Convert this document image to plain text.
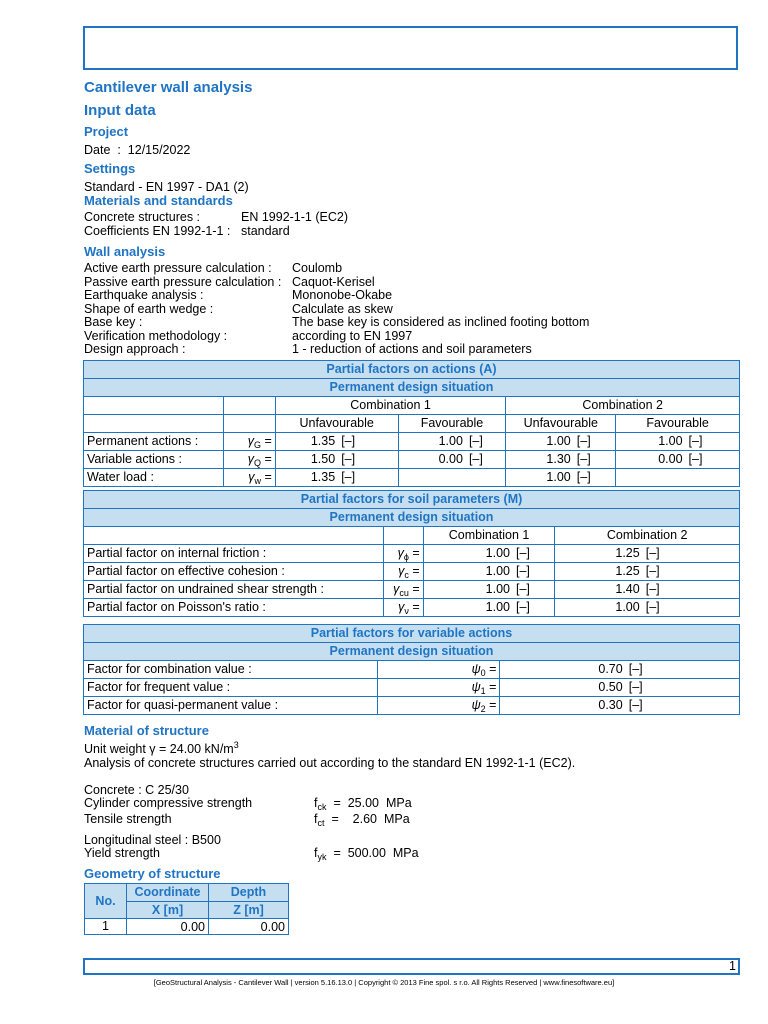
Cantilever wall analysis
Input data
Project
Date : 12/15/2022
Settings
Standard - EN 1997 - DA1 (2)
Materials and standards
Concrete structures :	EN 1992-1-1 (EC2)
Coefficients EN 1992-1-1 : standard
Wall analysis
Active earth pressure calculation :	Coulomb
Passive earth pressure calculation : Caquot-Kerisel
Earthquake analysis :	Mononobe-Okabe
Shape of earth wedge :	Calculate as skew
Base key :	The base key is considered as inclined footing bottom
Verification methodology :	according to EN 1997
Design approach :	1 - reduction of actions and soil parameters
Partial factors on actions (A)									
Permanent design situation									
		Combination 1				Combination 2			
		Unfavourable		Favourable		Unfavourable		Favourable	
Permanent actions :	$\gamma_G$ =	1.35	[–]	1.00	[–]	1.00	[–]	1.00	[–]
Variable actions :	$\gamma_Q$ =	1.50	[–]	0.00	[–]	1.30	[–]	0.00	[–]
Water load :	$\gamma_w$ =	1.35	[–]			1.00	[–]		
Partial factors for soil parameters (M)					
Permanent design situation					
		Combination 1		Combination 2	
Partial factor on internal friction :	$\gamma_\phi$ =	1.00	[–]	1.25	[–]
Partial factor on effective cohesion :	$\gamma_c$ =	1.00	[–]	1.25	[–]
Partial factor on undrained shear strength :	$\gamma_{cu}$ =	1.00	[–]	1.40	[–]
Partial factor on Poisson's ratio :	$\gamma_\nu$ =	1.00	[–]	1.00	[–]
Partial factors for variable actions			
Permanent design situation			
Factor for combination value :	$\psi_0$ =	0.70	[–]
Factor for frequent value :	$\psi_1$ =	0.50	[–]
Factor for quasi-permanent value :	$\psi_2$ =	0.30	[–]
Material of structure
Unit weight γ = 24.00 $kN/m^3$
Analysis of concrete structures carried out according to the standard EN 1992-1-1 (EC2).
Concrete : C 25/30
Cylinder compressive strength	$f_{ck} = 25.00$ MPa
Tensile strength	$f_{ct} = 2.60$ MPa
Longitudinal steel : B500
Yield strength	$f_{yk} = 500.00$ MPa
Geometry of structure
No.	Coordinate	Depth
	X [m]	Z [m]
1	0.00	0.00
1
[GeoStructural Analysis - Cantilever Wall | version 5.16.13.0 | Copyright © 2013 Fine spol. s r.o. All Rights Reserved | www.finesoftware.eu]
